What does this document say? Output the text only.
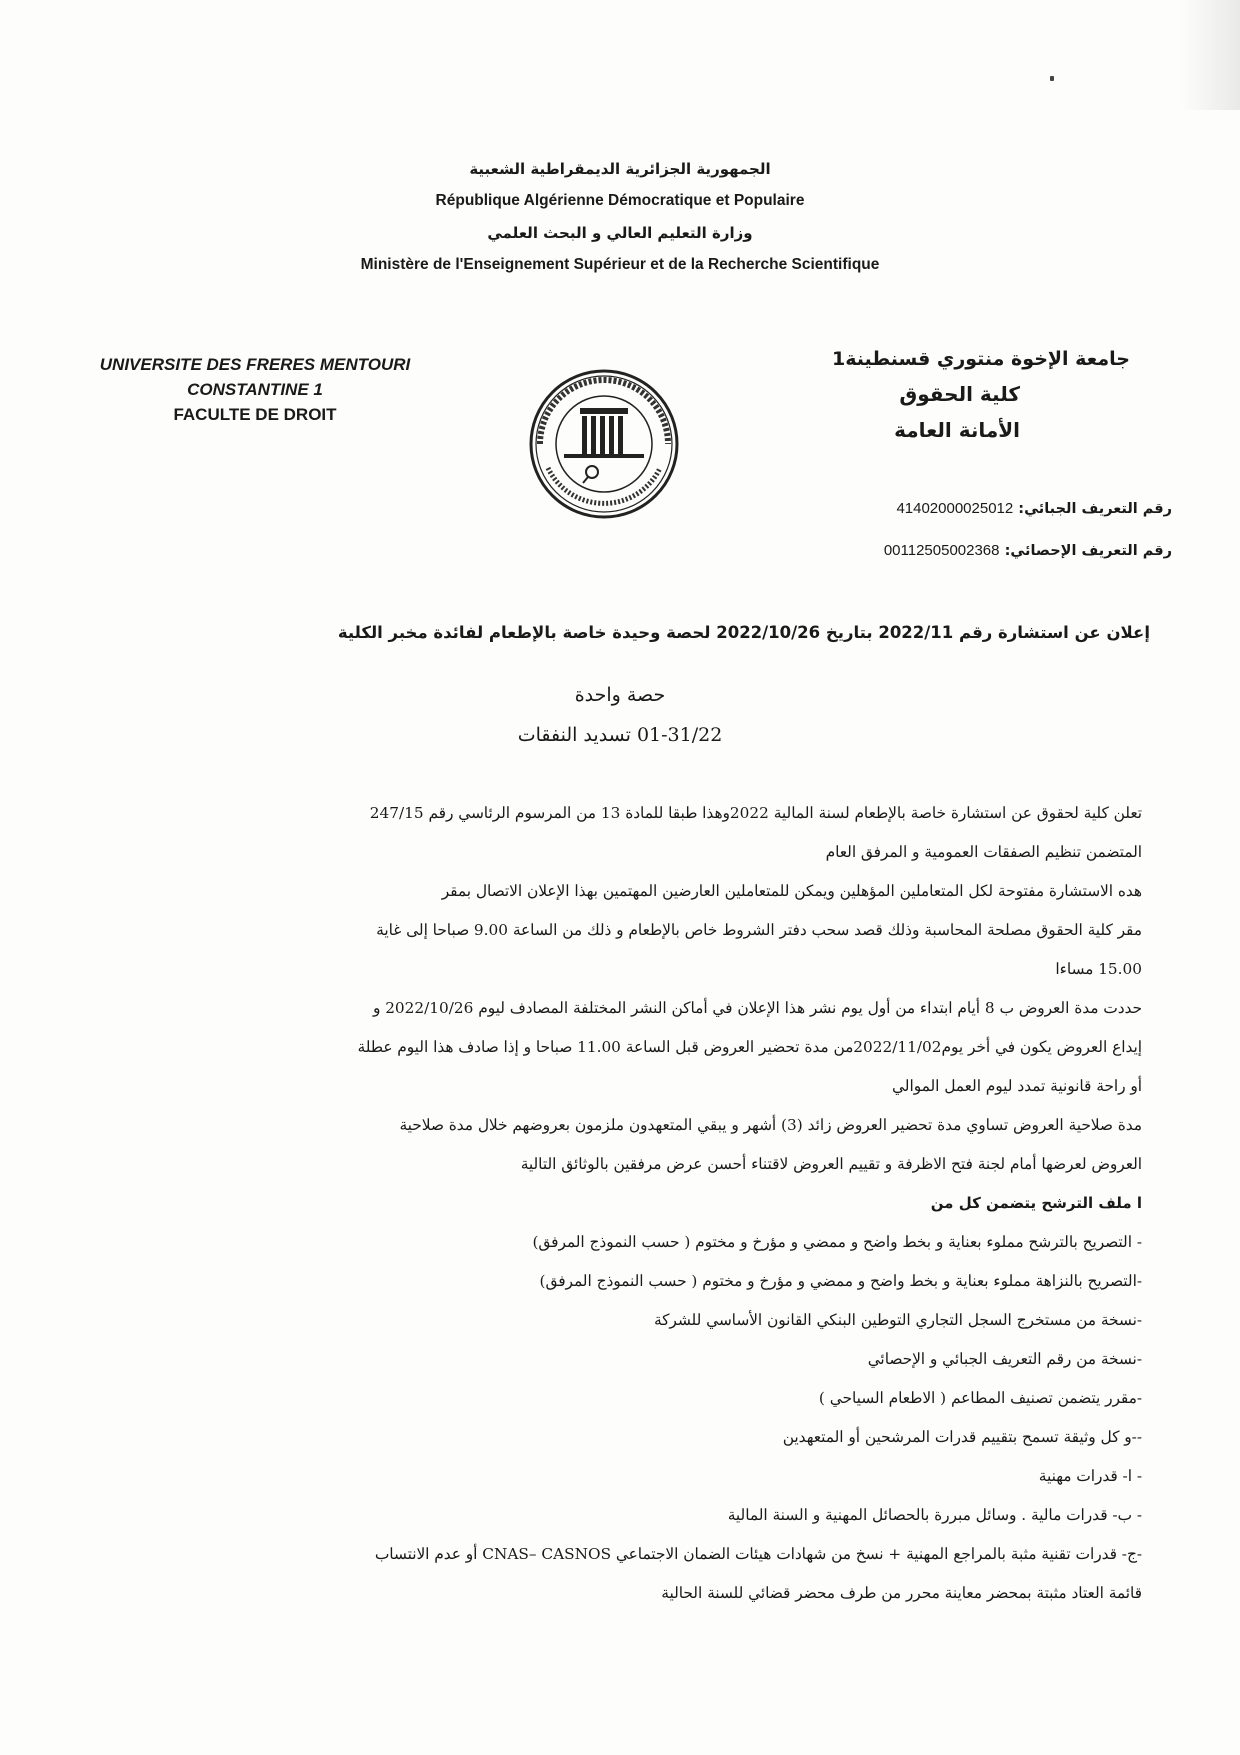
الجمهورية الجزائرية الديمقراطية الشعبية
République Algérienne Démocratique et Populaire
وزارة التعليم العالي و البحث العلمي
Ministère de l'Enseignement Supérieur et de la Recherche Scientifique
UNIVERSITE DES FRERES MENTOURI
CONSTANTINE 1
FACULTE DE DROIT
جامعة الإخوة منتوري قسنطينة1
كلية الحقوق
الأمانة العامة
رقم التعريف الجبائي: 41402000025012
رقم التعريف الإحصائي: 00112505002368
إعلان عن استشارة رقم 2022/11 بتاريخ 2022/10/26 لحصة وحيدة خاصة بالإطعام لفائدة مخبر الكلية
حصة واحدة
01-31/22 تسديد النفقات

تعلن كلية لحقوق عن استشارة خاصة بالإطعام لسنة المالية 2022وهذا طبقا للمادة 13 من المرسوم الرئاسي رقم 247/15

المتضمن تنظيم الصفقات العمومية و المرفق العام

هده الاستشارة مفتوحة لكل المتعاملين المؤهلين ويمكن للمتعاملين العارضين المهتمين بهذا الإعلان الاتصال بمقر

مقر كلية الحقوق مصلحة المحاسبة وذلك قصد سحب دفتر الشروط خاص بالإطعام و ذلك من الساعة 9.00 صباحا إلى غاية

15.00 مساءا

حددت مدة العروض ب 8 أيام ابتداء من أول يوم نشر هذا الإعلان في أماكن النشر المختلفة المصادف ليوم 2022/10/26 و

إيداع العروض يكون في أخر يوم2022/11/02من مدة تحضير العروض قبل الساعة 11.00 صباحا و إذا صادف هذا اليوم عطلة

أو راحة قانونية تمدد ليوم العمل الموالي

مدة صلاحية العروض تساوي مدة تحضير العروض زائد (3) أشهر و يبقي المتعهدون ملزمون بعروضهم خلال مدة صلاحية

العروض لعرضها أمام لجنة فتح الاظرفة و تقييم العروض لاقتناء أحسن عرض مرفقين بالوثائق التالية

ا ملف الترشح يتضمن كل من

- التصريح بالترشح مملوء بعناية و بخط واضح و ممضي و مؤرخ و مختوم ( حسب النموذج المرفق)

-التصريح بالنزاهة مملوء بعناية و بخط واضح و ممضي و مؤرخ و مختوم ( حسب النموذج المرفق)

-نسخة من مستخرج السجل التجاري التوطين البنكي القانون الأساسي للشركة

-نسخة من رقم التعريف الجبائي و الإحصائي

-مقرر يتضمن تصنيف المطاعم ( الاطعام السياحي )

--و كل وثيقة تسمح بتقييم قدرات المرشحين أو المتعهدين

- ا- قدرات مهنية

- ب- قدرات مالية . وسائل مبررة بالحصائل المهنية و السنة المالية

-ج- قدرات تقنية مثبة بالمراجع المهنية + نسخ من شهادات هيئات الضمان الاجتماعي CNAS– CASNOS أو عدم الانتساب

قائمة العتاد مثبتة بمحضر معاينة محرر من طرف محضر قضائي للسنة الحالية
